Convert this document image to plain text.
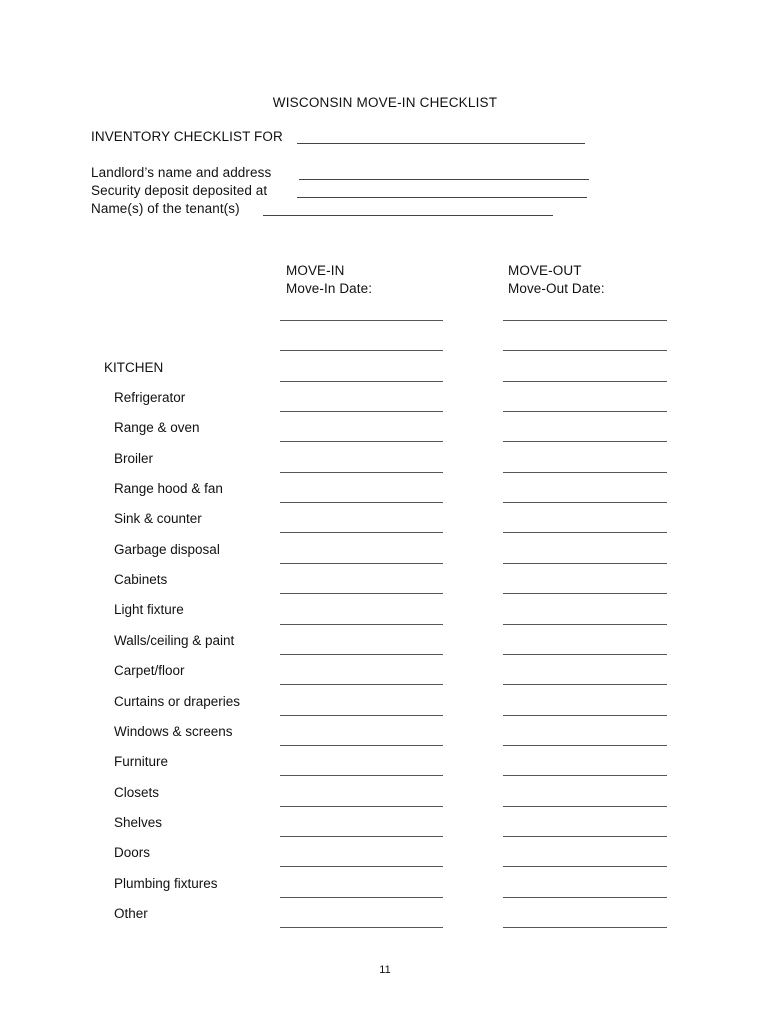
WISCONSIN MOVE-IN CHECKLIST
INVENTORY CHECKLIST FOR
Landlord’s name and address
Security deposit deposited at
Name(s) of the tenant(s)
MOVE-IN
Move-In Date:
MOVE-OUT
Move-Out Date:
KITCHEN
Refrigerator
Range & oven
Broiler
Range hood & fan
Sink & counter
Garbage disposal
Cabinets
Light fixture
Walls/ceiling & paint
Carpet/floor
Curtains or draperies
Windows & screens
Furniture
Closets
Shelves
Doors
Plumbing fixtures
Other
11
